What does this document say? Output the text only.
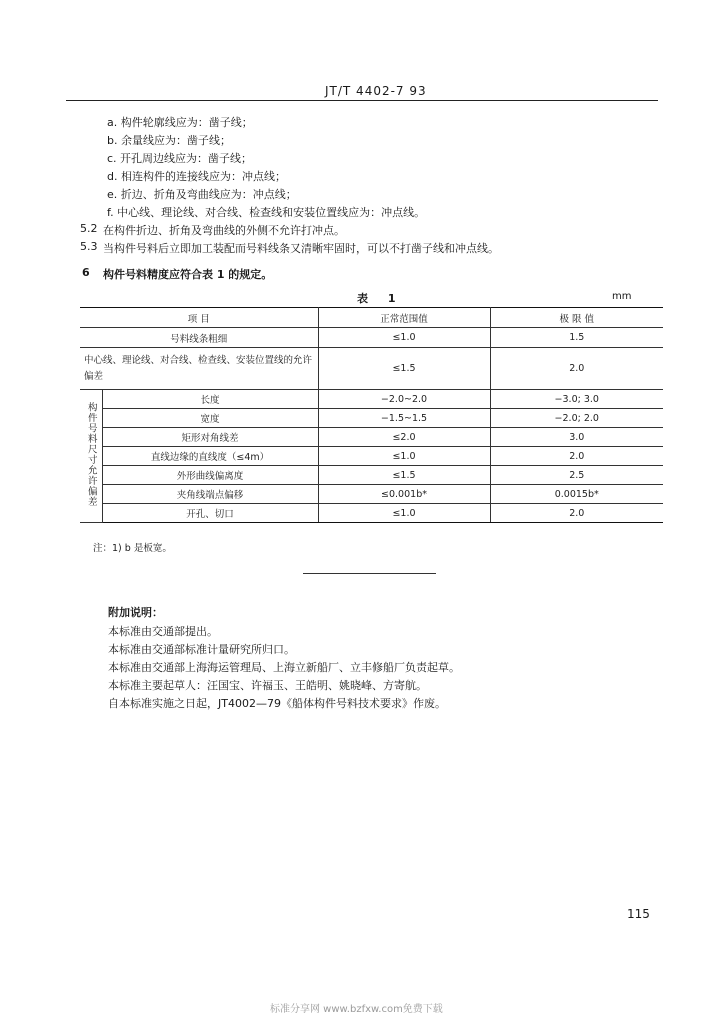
JT/T 4402-7 93
a. 构件轮廓线应为：凿子线；
b. 余量线应为：凿子线；
c. 开孔周边线应为：凿子线；
d. 相连构件的连接线应为：冲点线；
e. 折边、折角及弯曲线应为：冲点线；
f. 中心线、理论线、对合线、检查线和安装位置线应为：冲点线。
5.2 在构件折边、折角及弯曲线的外侧不允许打冲点。
5.3 当构件号料后立即加工装配而号料线条又清晰牢固时，可以不打凿子线和冲点线。
6 构件号料精度应符合表 1 的规定。
表 1	mm
项 目		正常范围值	极 限 值
号料线条粗细		≤1.0	1.5
中心线、理论线、对合线、检查线、安装位置线的允许偏差		≤1.5	2.0
构件号料尺寸允许偏差	长度	−2.0~2.0	−3.0; 3.0
	宽度	−1.5~1.5	−2.0; 2.0
	矩形对角线差	≤2.0	3.0
	直线边缘的直线度（≤4m）	≤1.0	2.0
	外形曲线偏离度	≤1.5	2.5
	夹角线端点偏移	≤0.001b*	0.0015b*
	开孔、切口	≤1.0	2.0
注：1) b 是板宽。
附加说明：
本标准由交通部提出。
本标准由交通部标准计量研究所归口。
本标准由交通部上海海运管理局、上海立新船厂、立丰修船厂负责起草。
本标准主要起草人：汪国宝、许福玉、王皓明、姚晓峰、方寄航。
自本标准实施之日起，JT4002—79《船体构件号料技术要求》作废。
115
标准分享网 www.bzfxw.com免费下载
